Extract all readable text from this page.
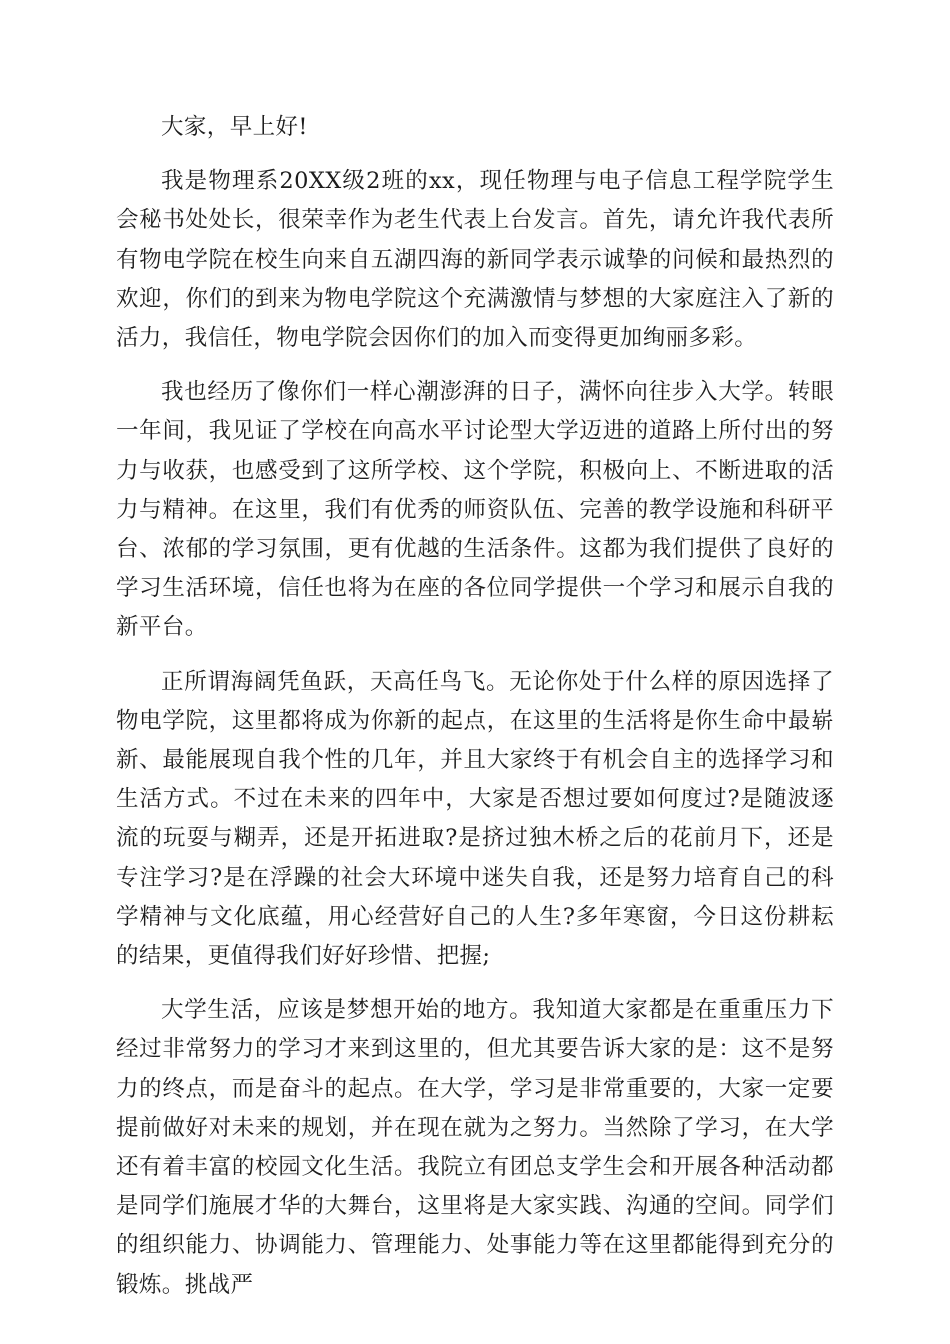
大家，早上好!

我是物理系20XX级2班的xx，现任物理与电子信息工程学院学生会秘书处处长，很荣幸作为老生代表上台发言。首先，请允许我代表所有物电学院在校生向来自五湖四海的新同学表示诚挚的问候和最热烈的欢迎，你们的到来为物电学院这个充满激情与梦想的大家庭注入了新的活力，我信任，物电学院会因你们的加入而变得更加绚丽多彩。

我也经历了像你们一样心潮澎湃的日子，满怀向往步入大学。转眼一年间，我见证了学校在向高水平讨论型大学迈进的道路上所付出的努力与收获，也感受到了这所学校、这个学院，积极向上、不断进取的活力与精神。在这里，我们有优秀的师资队伍、完善的教学设施和科研平台、浓郁的学习氛围，更有优越的生活条件。这都为我们提供了良好的学习生活环境，信任也将为在座的各位同学提供一个学习和展示自我的新平台。

正所谓海阔凭鱼跃，天高任鸟飞。无论你处于什么样的原因选择了物电学院，这里都将成为你新的起点，在这里的生活将是你生命中最崭新、最能展现自我个性的几年，并且大家终于有机会自主的选择学习和生活方式。不过在未来的四年中，大家是否想过要如何度过?是随波逐流的玩耍与糊弄，还是开拓进取?是挤过独木桥之后的花前月下，还是专注学习?是在浮躁的社会大环境中迷失自我，还是努力培育自己的科学精神与文化底蕴，用心经营好自己的人生?多年寒窗，今日这份耕耘的结果，更值得我们好好珍惜、把握;

大学生活，应该是梦想开始的地方。我知道大家都是在重重压力下经过非常努力的学习才来到这里的，但尤其要告诉大家的是：这不是努力的终点，而是奋斗的起点。在大学，学习是非常重要的，大家一定要提前做好对未来的规划，并在现在就为之努力。当然除了学习，在大学还有着丰富的校园文化生活。我院立有团总支学生会和开展各种活动都是同学们施展才华的大舞台，这里将是大家实践、沟通的空间。同学们的组织能力、协调能力、管理能力、处事能力等在这里都能得到充分的锻炼。挑战严
